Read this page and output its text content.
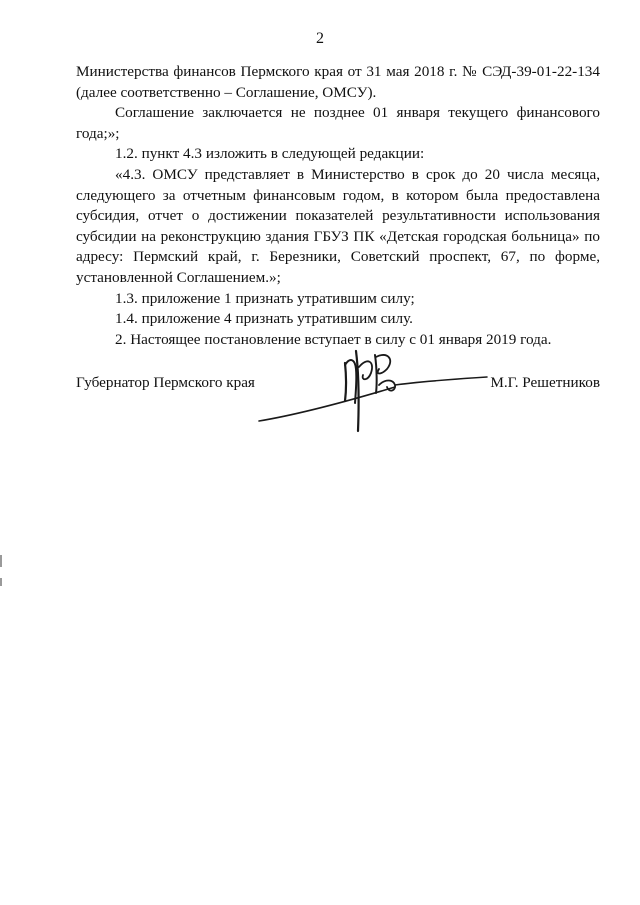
2

Министерства финансов Пермского края от 31 мая 2018 г. № СЭД-39-01-22-134 (далее соответственно – Соглашение, ОМСУ).

Соглашение заключается не позднее 01 января текущего финансового года;»;

1.2. пункт 4.3 изложить в следующей редакции:

«4.3. ОМСУ представляет в Министерство в срок до 20 числа месяца, следующего за отчетным финансовым годом, в котором была предоставлена субсидия, отчет о достижении показателей результативности использования субсидии на реконструкцию здания ГБУЗ ПК «Детская городская больница» по адресу: Пермский край, г. Березники, Советский проспект, 67, по форме, установленной Соглашением.»;

1.3. приложение 1 признать утратившим силу;

1.4. приложение 4 признать утратившим силу.

2. Настоящее постановление вступает в силу с 01 января 2019 года.

Губернатор Пермского края	М.Г. Решетников
